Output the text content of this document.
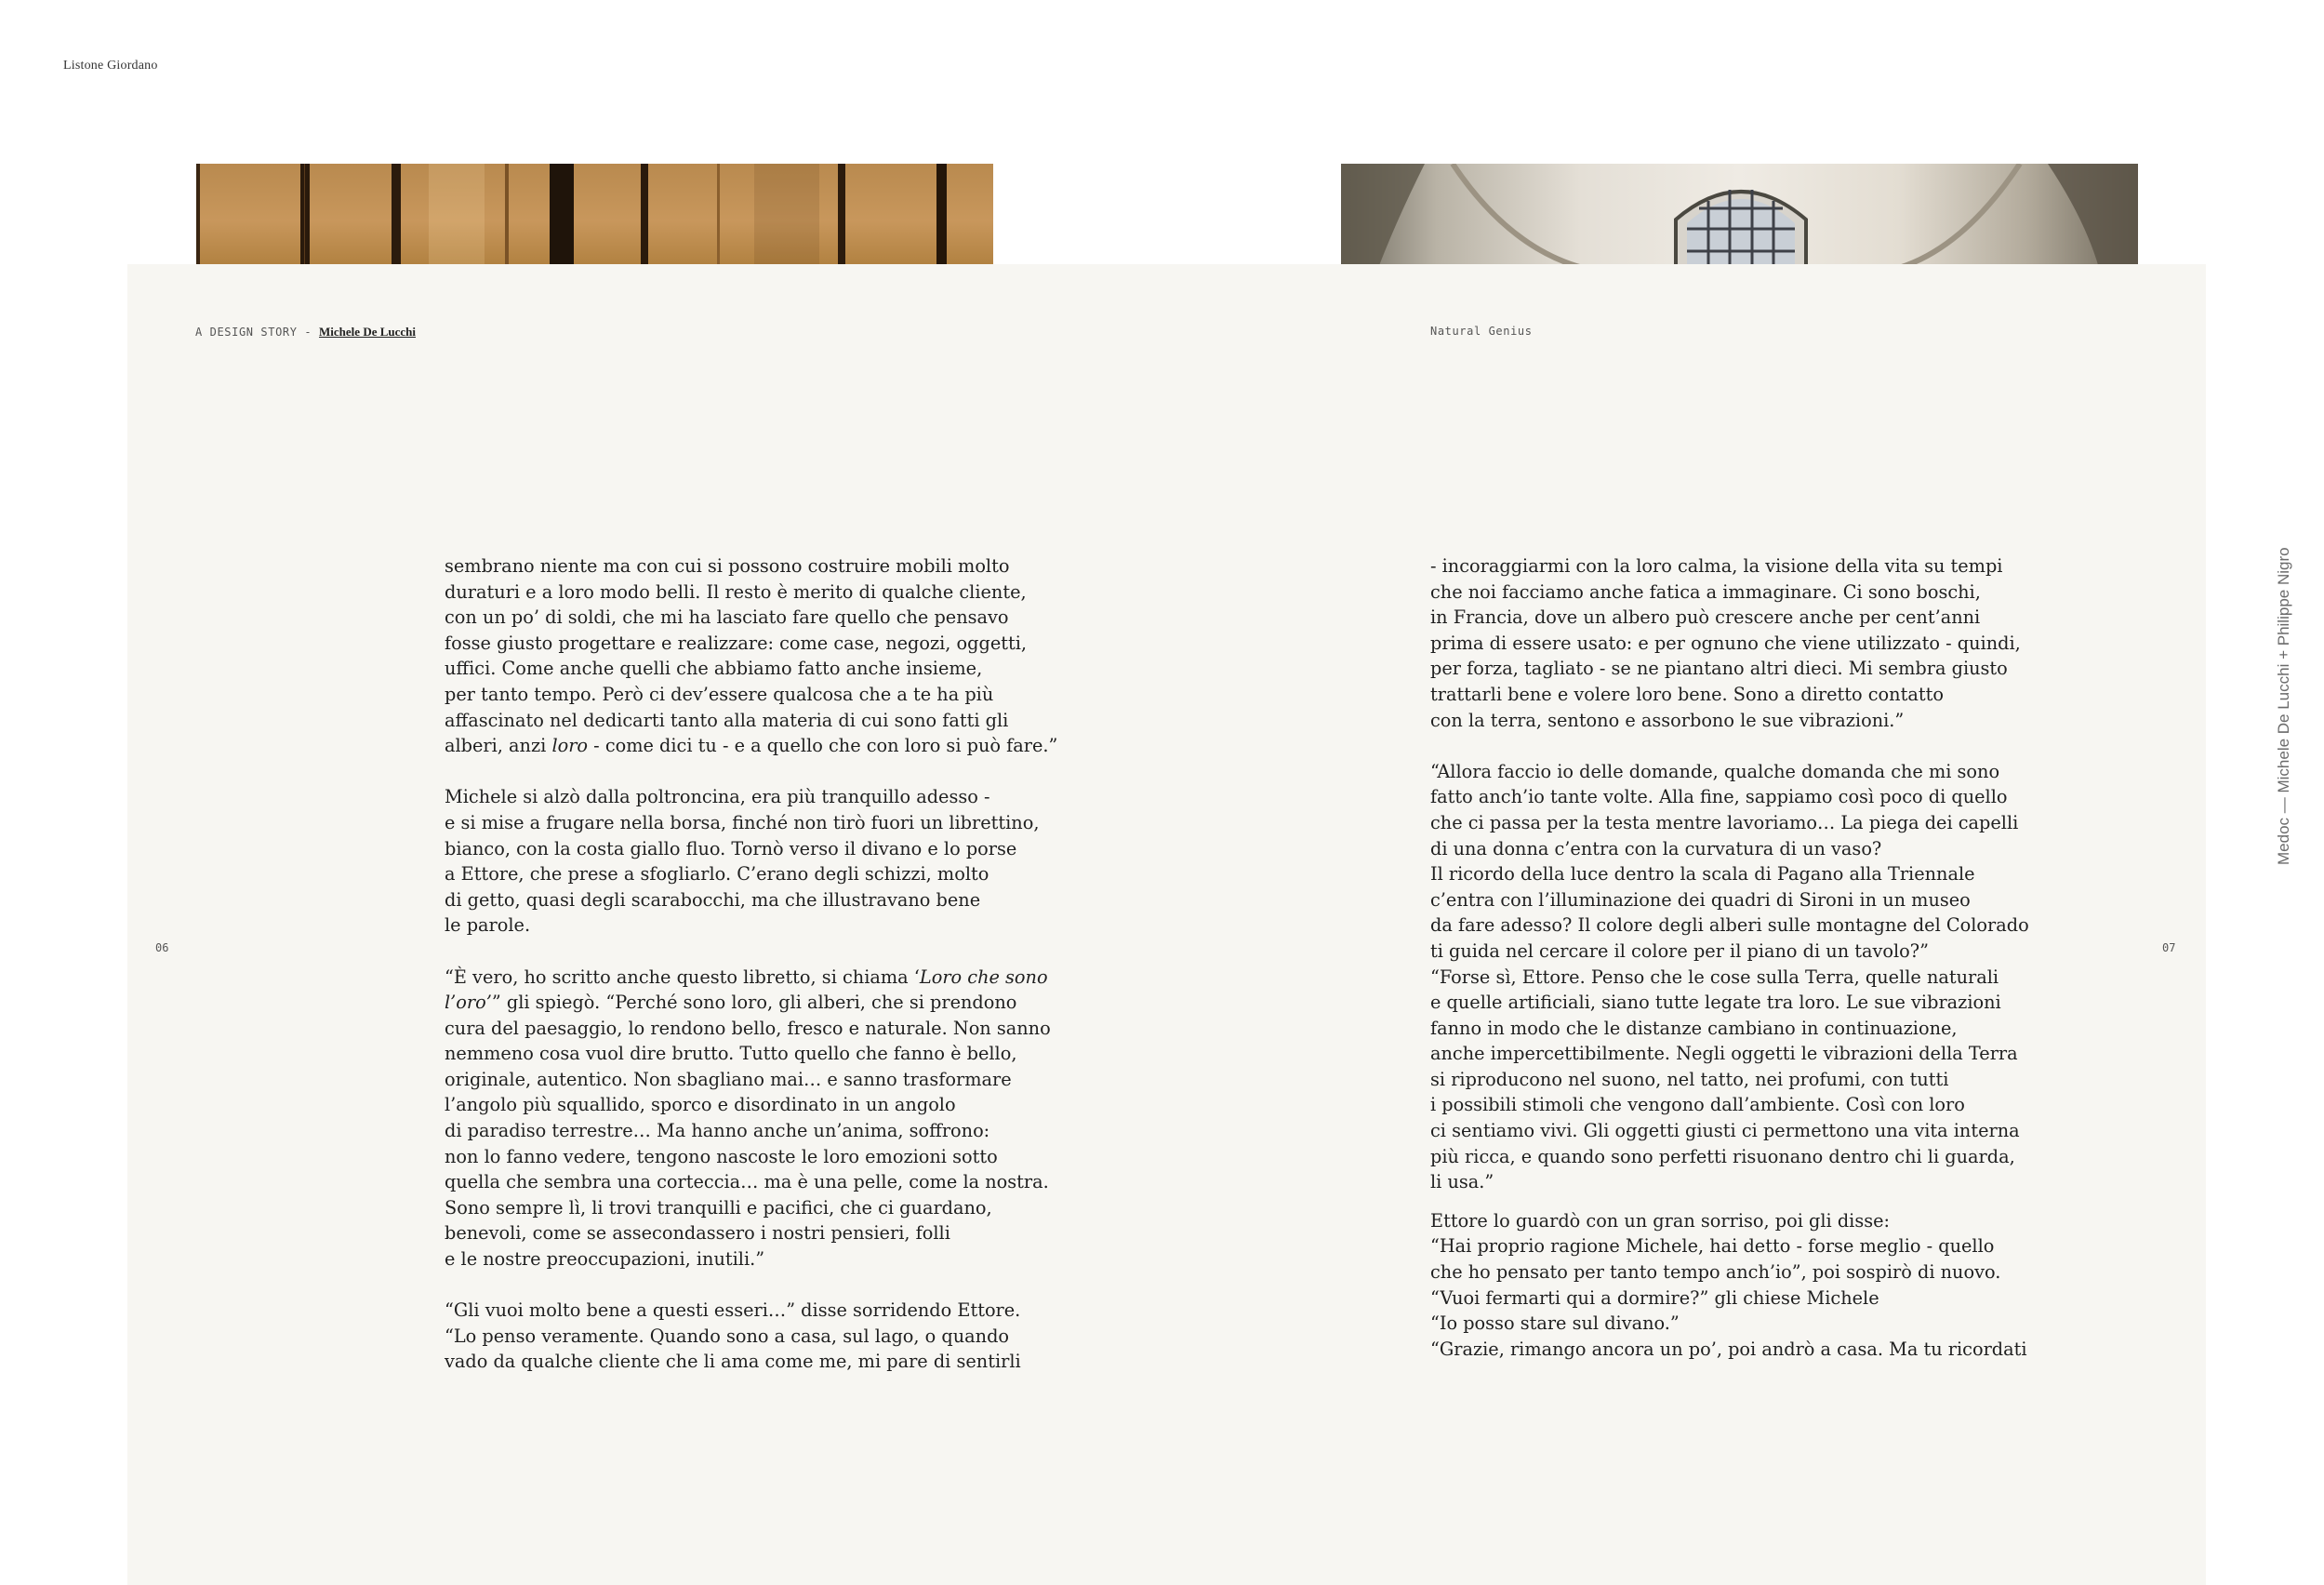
Listone Giordano
Medoc — Michele De Lucchi + Philippe Nigro
A DESIGN STORY - Michele De Lucchi	Natural Genius
06	07
sembrano niente ma con cui si possono costruire mobili molto
duraturi e a loro modo belli. Il resto è merito di qualche cliente,
con un po’ di soldi, che mi ha lasciato fare quello che pensavo
fosse giusto progettare e realizzare: come case, negozi, oggetti,
uffici. Come anche quelli che abbiamo fatto anche insieme,
per tanto tempo. Però ci dev’essere qualcosa che a te ha più
affascinato nel dedicarti tanto alla materia di cui sono fatti gli
alberi, anzi loro - come dici tu - e a quello che con loro si può fare.”
Michele si alzò dalla poltroncina, era più tranquillo adesso -
e si mise a frugare nella borsa, finché non tirò fuori un librettino,
bianco, con la costa giallo fluo. Tornò verso il divano e lo porse
a Ettore, che prese a sfogliarlo. C’erano degli schizzi, molto
di getto, quasi degli scarabocchi, ma che illustravano bene
le parole.
“È vero, ho scritto anche questo libretto, si chiama ‘Loro che sono
l’oro’” gli spiegò. “Perché sono loro, gli alberi, che si prendono
cura del paesaggio, lo rendono bello, fresco e naturale. Non sanno
nemmeno cosa vuol dire brutto. Tutto quello che fanno è bello,
originale, autentico. Non sbagliano mai… e sanno trasformare
l’angolo più squallido, sporco e disordinato in un angolo
di paradiso terrestre… Ma hanno anche un’anima, soffrono:
non lo fanno vedere, tengono nascoste le loro emozioni sotto
quella che sembra una corteccia… ma è una pelle, come la nostra.
Sono sempre lì, li trovi tranquilli e pacifici, che ci guardano,
benevoli, come se assecondassero i nostri pensieri, folli
e le nostre preoccupazioni, inutili.”
“Gli vuoi molto bene a questi esseri…” disse sorridendo Ettore.
“Lo penso veramente. Quando sono a casa, sul lago, o quando
vado da qualche cliente che li ama come me, mi pare di sentirli
- incoraggiarmi con la loro calma, la visione della vita su tempi
che noi facciamo anche fatica a immaginare. Ci sono boschi,
in Francia, dove un albero può crescere anche per cent’anni
prima di essere usato: e per ognuno che viene utilizzato - quindi,
per forza, tagliato - se ne piantano altri dieci. Mi sembra giusto
trattarli bene e volere loro bene. Sono a diretto contatto
con la terra, sentono e assorbono le sue vibrazioni.”
“Allora faccio io delle domande, qualche domanda che mi sono
fatto anch’io tante volte. Alla fine, sappiamo così poco di quello
che ci passa per la testa mentre lavoriamo… La piega dei capelli
di una donna c’entra con la curvatura di un vaso?
Il ricordo della luce dentro la scala di Pagano alla Triennale
c’entra con l’illuminazione dei quadri di Sironi in un museo
da fare adesso? Il colore degli alberi sulle montagne del Colorado
ti guida nel cercare il colore per il piano di un tavolo?”
“Forse sì, Ettore. Penso che le cose sulla Terra, quelle naturali
e quelle artificiali, siano tutte legate tra loro. Le sue vibrazioni
fanno in modo che le distanze cambiano in continuazione,
anche impercettibilmente. Negli oggetti le vibrazioni della Terra
si riproducono nel suono, nel tatto, nei profumi, con tutti
i possibili stimoli che vengono dall’ambiente. Così con loro
ci sentiamo vivi. Gli oggetti giusti ci permettono una vita interna
più ricca, e quando sono perfetti risuonano dentro chi li guarda,
li usa.”
Ettore lo guardò con un gran sorriso, poi gli disse:
“Hai proprio ragione Michele, hai detto - forse meglio - quello
che ho pensato per tanto tempo anch’io”, poi sospirò di nuovo.
“Vuoi fermarti qui a dormire?” gli chiese Michele
“Io posso stare sul divano.”
“Grazie, rimango ancora un po’, poi andrò a casa. Ma tu ricordati
